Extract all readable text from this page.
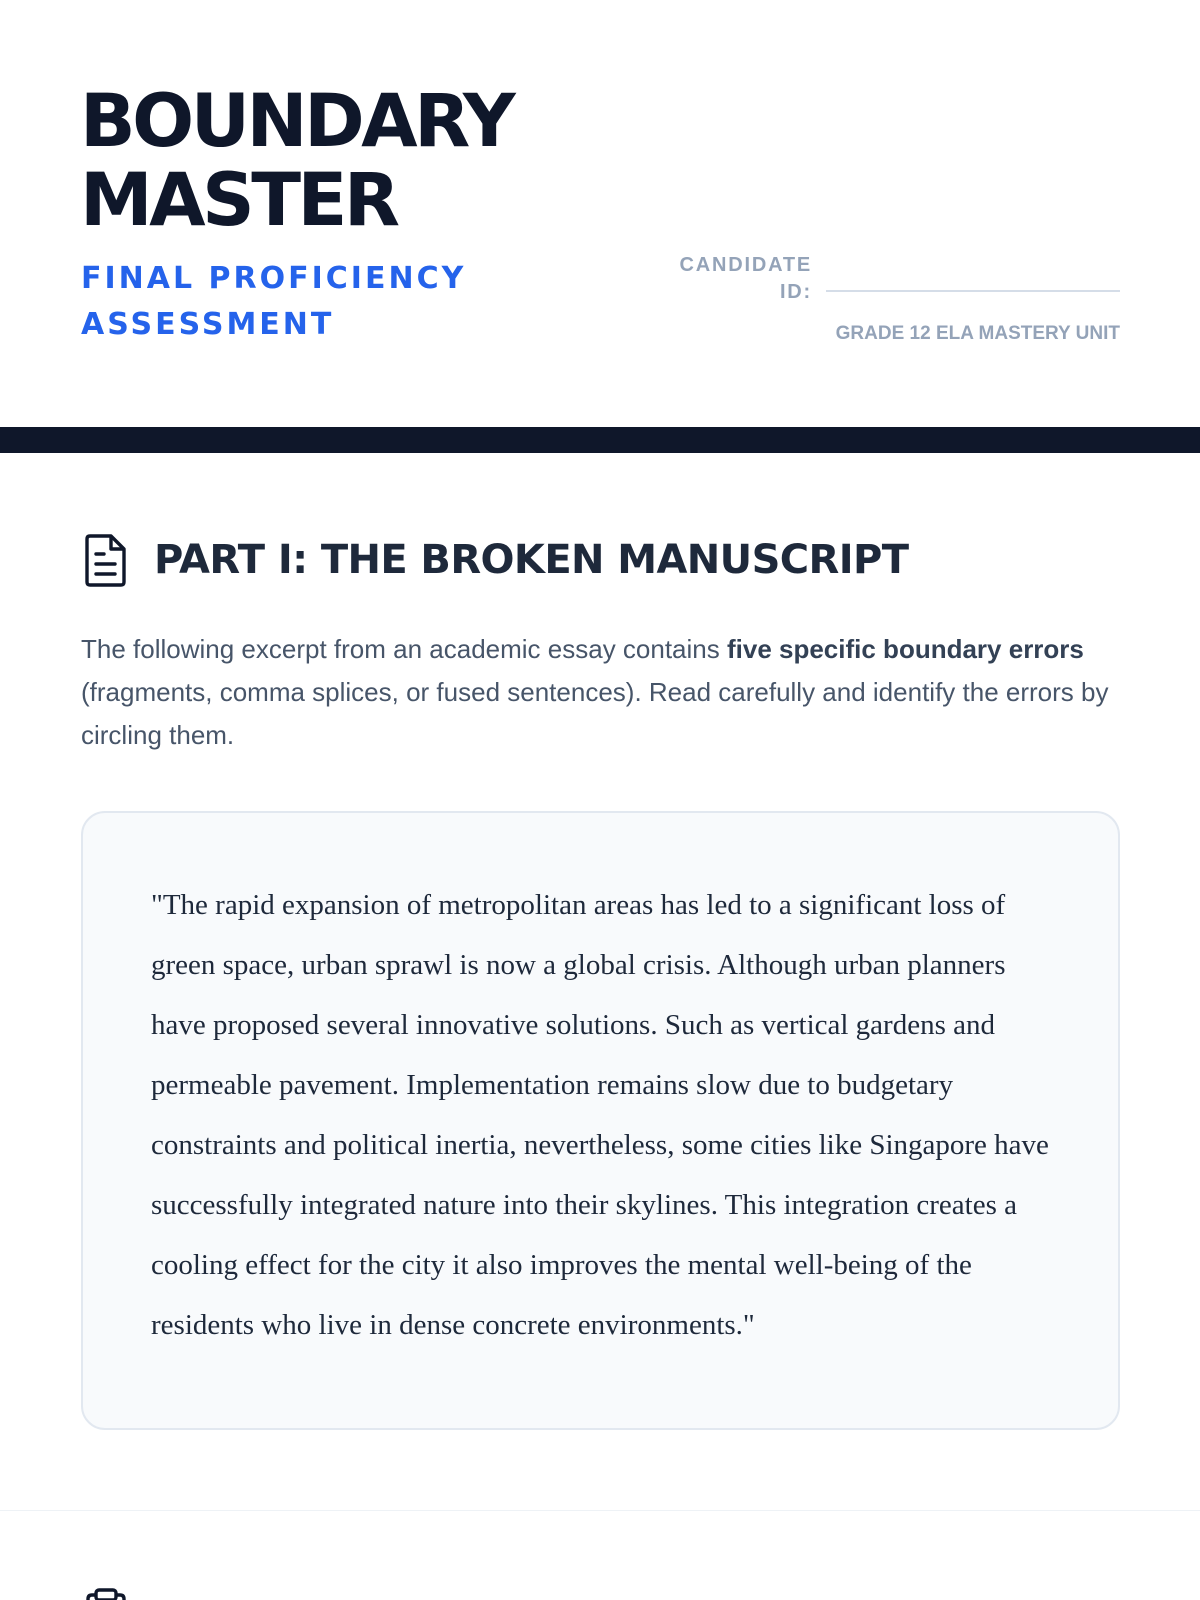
BOUNDARY
MASTER
FINAL PROFICIENCY ASSESSMENT
CANDIDATE ID:
GRADE 12 ELA MASTERY UNIT
PART I: THE BROKEN MANUSCRIPT

The following excerpt from an academic essay contains five specific boundary errors (fragments, comma splices, or fused sentences). Read carefully and identify the errors by circling them.

"The rapid expansion of metropolitan areas has led to a significant loss of green space, urban sprawl is now a global crisis. Although urban planners have proposed several innovative solutions. Such as vertical gardens and permeable pavement. Implementation remains slow due to budgetary constraints and political inertia, nevertheless, some cities like Singapore have successfully integrated nature into their skylines. This integration creates a cooling effect for the city it also improves the mental well-being of the residents who live in dense concrete environments."
